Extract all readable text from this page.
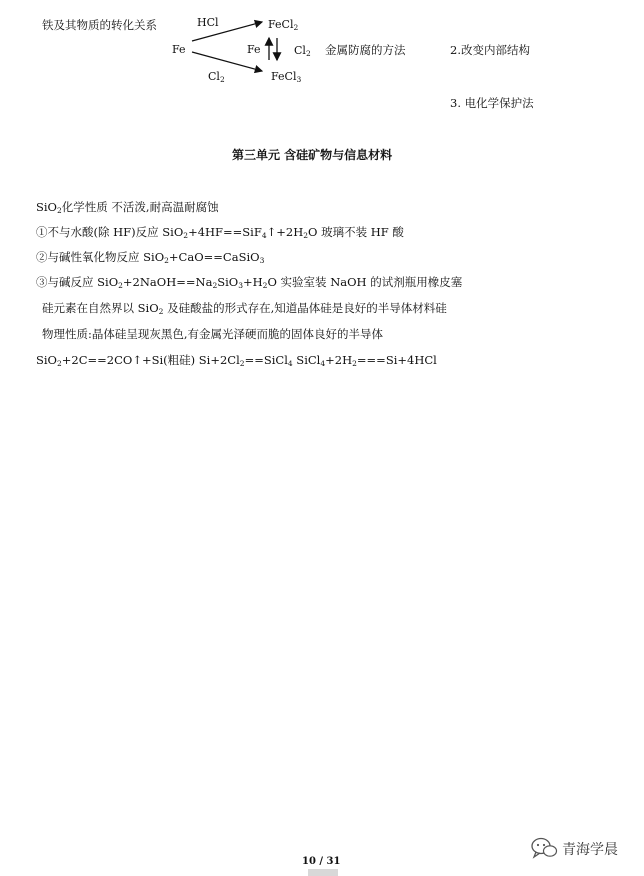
铁及其物质的转化关系	HCl	FeCl$_2$
Fe	Fe	$Cl_2$ 金属防腐的方法	2.改变内部结构
$Cl_2$	FeCl$_3$
3. 电化学保护法
第三单元 含硅矿物与信息材料
SiO$_2$化学性质 不活泼,耐高温耐腐蚀
①不与水酸(除 HF)反应 $SiO_2+4HF==SiF_4↑+2H_2O$ 玻璃不装 HF 酸
②与碱性氧化物反应 SiO$_2$+CaO==CaSiO$_3$
③与碱反应 $SiO_2+2NaOH==Na_2SiO_3+H_2O$ 实验室装 NaOH 的试剂瓶用橡皮塞
硅元素在自然界以 SiO$_2$ 及硅酸盐的形式存在,知道晶体硅是良好的半导体材料硅
物理性质:晶体硅呈现灰黑色,有金属光泽硬而脆的固体良好的半导体
SiO$_2$+2C==2CO↑+Si(粗硅) $Si+2Cl_2==SiCl_4$ $SiCl_4+2H_2===Si+4HCl$
10 / 31
青海学晨
